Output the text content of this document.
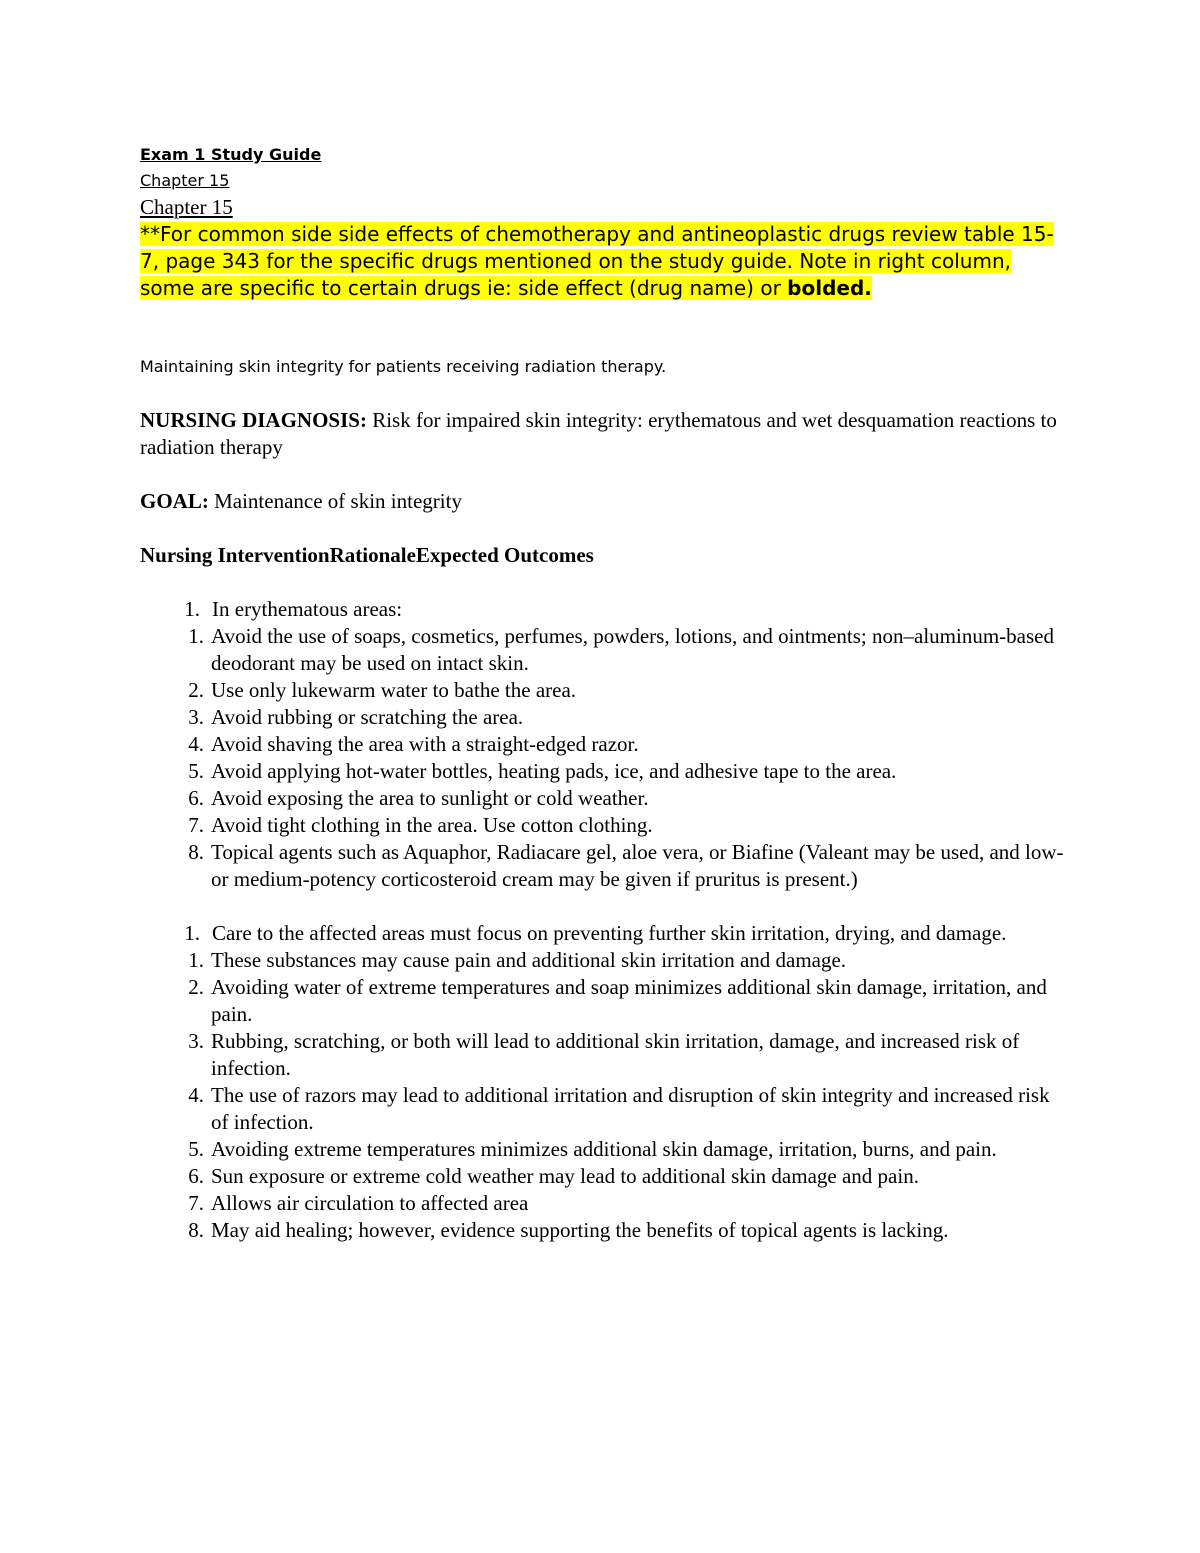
Exam 1 Study Guide

Chapter 15

Chapter 15

**For common side side effects of chemotherapy and antineoplastic drugs review table 15-7, page 343 for the specific drugs mentioned on the study guide. Note in right column, some are specific to certain drugs ie: side effect (drug name) or bolded.

Maintaining skin integrity for patients receiving radiation therapy.

NURSING DIAGNOSIS: Risk for impaired skin integrity: erythematous and wet desquamation reactions to radiation therapy

GOAL: Maintenance of skin integrity

Nursing InterventionRationaleExpected Outcomes

1. In erythematous areas:
1. Avoid the use of soaps, cosmetics, perfumes, powders, lotions, and ointments; non–aluminum-based deodorant may be used on intact skin.
2. Use only lukewarm water to bathe the area.
3. Avoid rubbing or scratching the area.
4. Avoid shaving the area with a straight-edged razor.
5. Avoid applying hot-water bottles, heating pads, ice, and adhesive tape to the area.
6. Avoid exposing the area to sunlight or cold weather.
7. Avoid tight clothing in the area. Use cotton clothing.
8. Topical agents such as Aquaphor, Radiacare gel, aloe vera, or Biafine (Valeant may be used, and low- or medium-potency corticosteroid cream may be given if pruritus is present.)
1. Care to the affected areas must focus on preventing further skin irritation, drying, and damage.
1. These substances may cause pain and additional skin irritation and damage.
2. Avoiding water of extreme temperatures and soap minimizes additional skin damage, irritation, and pain.
3. Rubbing, scratching, or both will lead to additional skin irritation, damage, and increased risk of infection.
4. The use of razors may lead to additional irritation and disruption of skin integrity and increased risk of infection.
5. Avoiding extreme temperatures minimizes additional skin damage, irritation, burns, and pain.
6. Sun exposure or extreme cold weather may lead to additional skin damage and pain.
7. Allows air circulation to affected area
8. May aid healing; however, evidence supporting the benefits of topical agents is lacking.
